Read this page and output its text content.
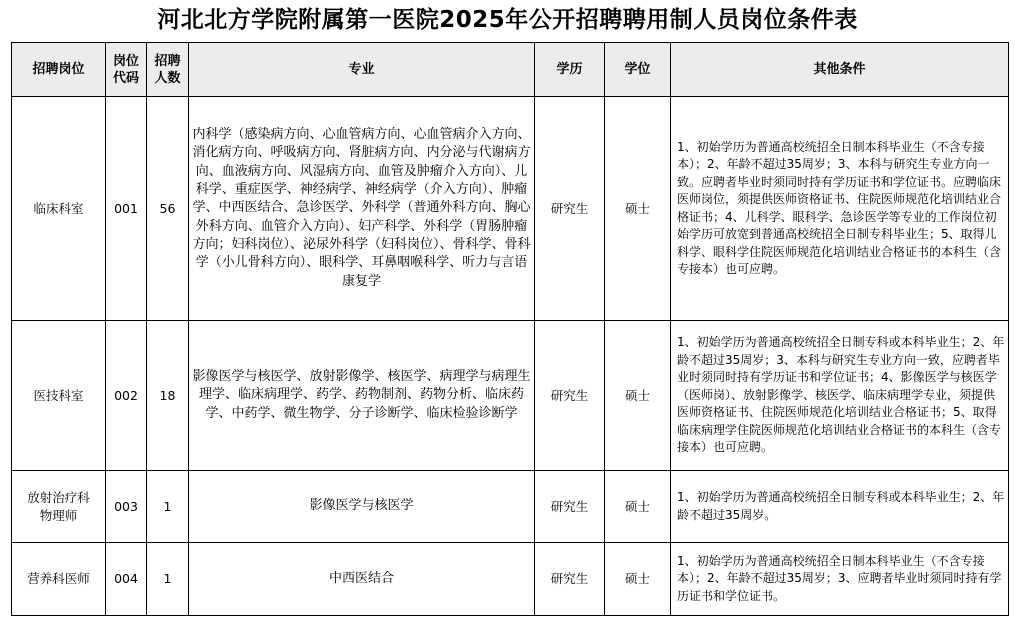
河北北方学院附属第一医院2025年公开招聘聘用制人员岗位条件表
招聘岗位	岗位代码	招聘人数	专业	学历	学位	其他条件
临床科室	001	56	内科学（感染病方向、心血管病方向、心血管病介入方向、消化病方向、呼吸病方向、肾脏病方向、内分泌与代谢病方向、血液病方向、风湿病方向、血管及肿瘤介入方向）、儿科学、重症医学、神经病学、神经病学（介入方向）、肿瘤学、中西医结合、急诊医学、外科学（普通外科方向、胸心外科方向、血管介入方向）、妇产科学、外科学（胃肠肿瘤方向；妇科岗位）、泌尿外科学（妇科岗位）、骨科学、骨科学（小儿骨科方向）、眼科学、耳鼻咽喉科学、听力与言语康复学	研究生	硕士	1、初始学历为普通高校统招全日制本科毕业生（不含专接本）；2、年龄不超过35周岁；3、本科与研究生专业方向一致。应聘者毕业时须同时持有学历证书和学位证书。应聘临床医师岗位，须提供医师资格证书、住院医师规范化培训结业合格证书；4、儿科学、眼科学、急诊医学等专业的工作岗位初始学历可放宽到普通高校统招全日制专科毕业生；5、取得儿科学、眼科学住院医师规范化培训结业合格证书的本科生（含专接本）也可应聘。
医技科室	002	18	影像医学与核医学、放射影像学、核医学、病理学与病理生理学、临床病理学、药学、药物制剂、药物分析、临床药学、中药学、微生物学、分子诊断学、临床检验诊断学	研究生	硕士	1、初始学历为普通高校统招全日制专科或本科毕业生；2、年龄不超过35周岁；3、本科与研究生专业方向一致，应聘者毕业时须同时持有学历证书和学位证书；4、影像医学与核医学（医师岗）、放射影像学、核医学、临床病理学专业，须提供医师资格证书、住院医师规范化培训结业合格证书；5、取得临床病理学住院医师规范化培训结业合格证书的本科生（含专接本）也可应聘。

放射治疗科物理师	003	1	影像医学与核医学	研究生	硕士	1、初始学历为普通高校统招全日制专科或本科毕业生；2、年龄不超过35周岁。
营养科医师	004	1	中西医结合	研究生	硕士	1、初始学历为普通高校统招全日制本科毕业生（不含专接本）；2、年龄不超过35周岁；3、应聘者毕业时须同时持有学历证书和学位证书。
